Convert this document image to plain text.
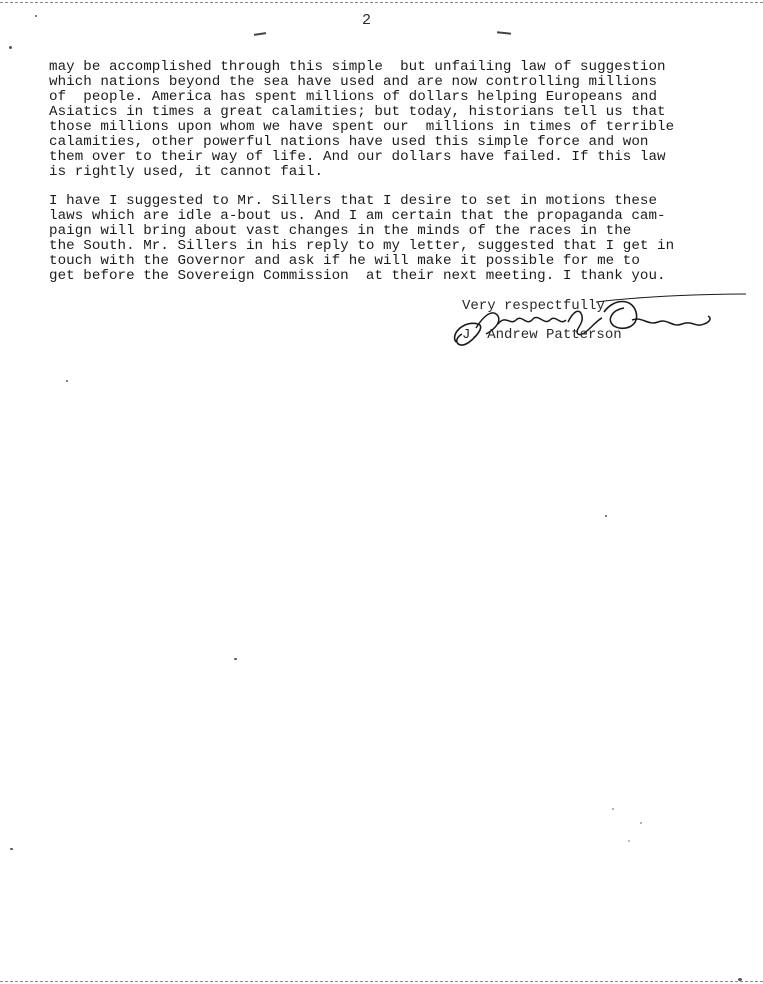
2
may be accomplished through this simple  but unfailing law of suggestion
which nations beyond the sea have used and are now controlling millions
of  people. America has spent millions of dollars helping Europeans and
Asiatics in times a great calamities; but today, historians tell us that
those millions upon whom we have spent our  millions in times of terrible
calamities, other powerful nations have used this simple force and won
them over to their way of life. And our dollars have failed. If this law
is rightly used, it cannot fail.
I have I suggested to Mr. Sillers that I desire to set in motions these
laws which are idle a-bout us. And I am certain that the propaganda cam-
paign will bring about vast changes in the minds of the races in the
the South. Mr. Sillers in his reply to my letter, suggested that I get in
touch with the Governor and ask if he will make it possible for me to
get before the Sovereign Commission  at their next meeting. I thank you.
Very respectfully
J. Andrew Patterson
